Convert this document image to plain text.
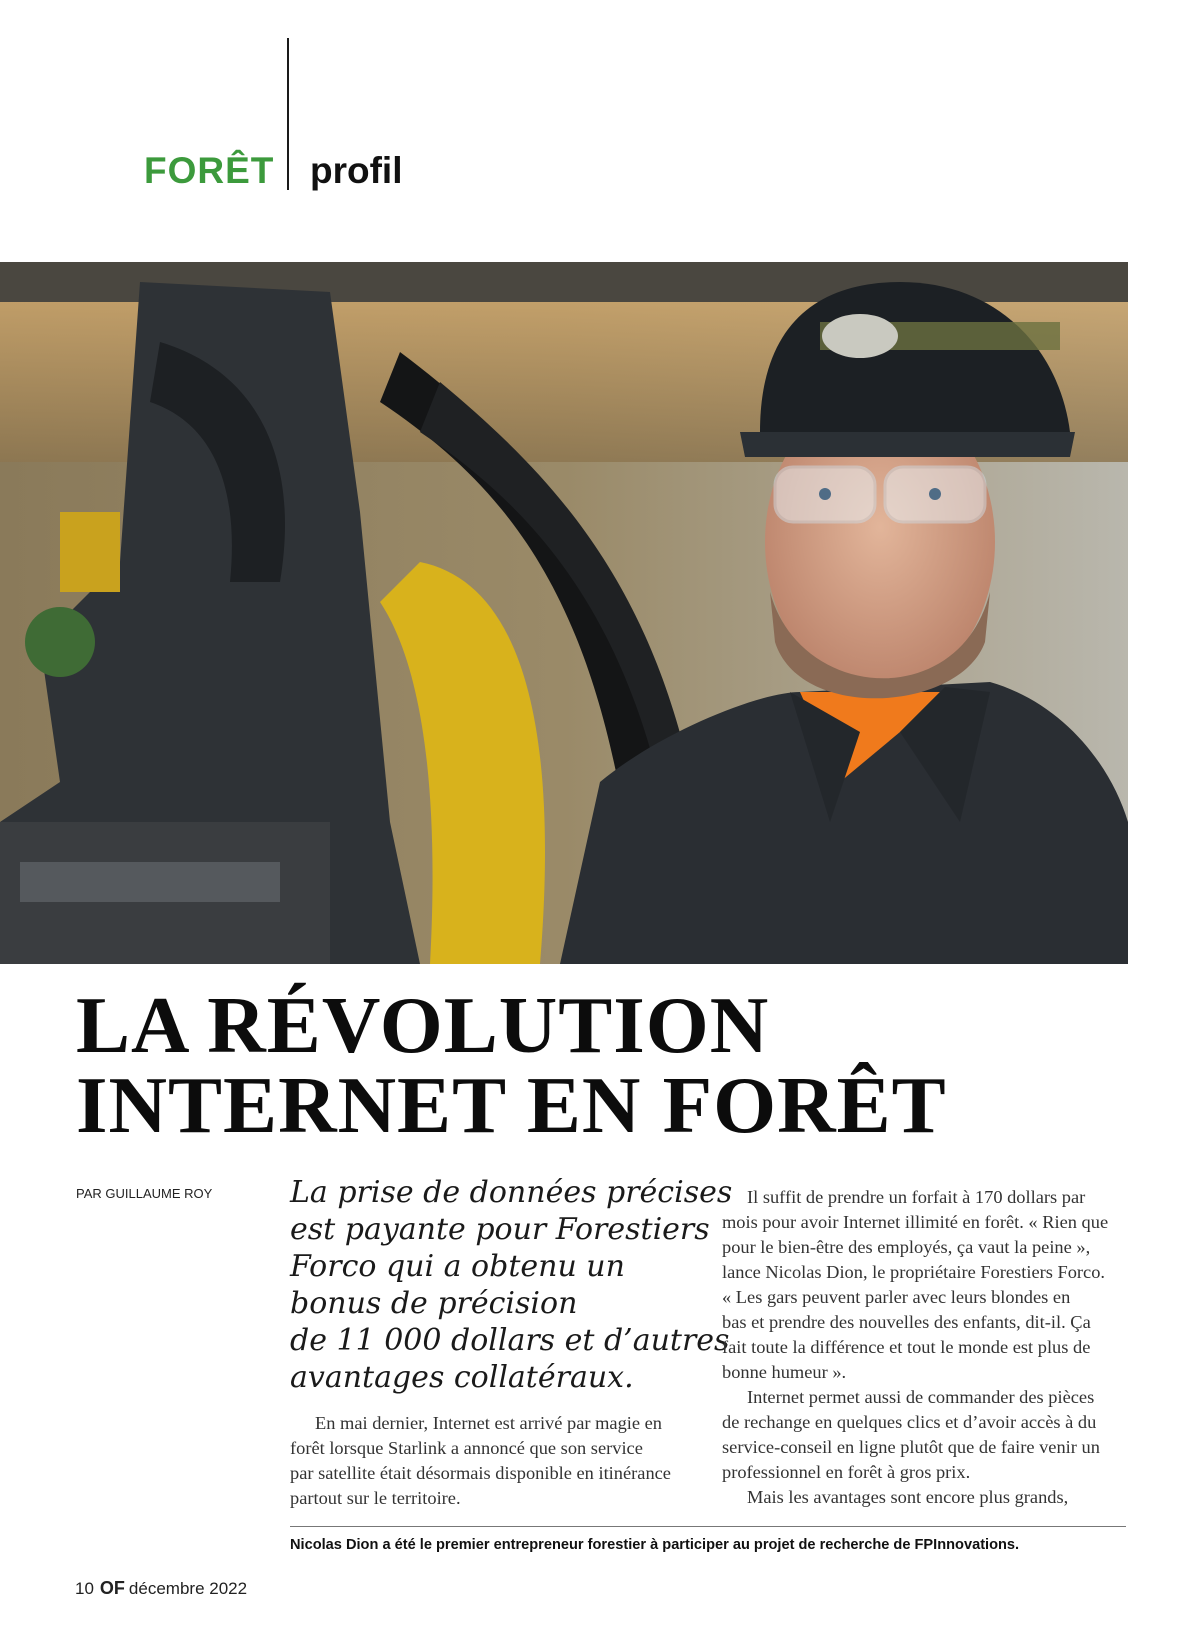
FORÊT profil
LA RÉVOLUTION
INTERNET EN FORÊT
PAR GUILLAUME ROY	La prise de données précises
est payante pour Forestiers
Forco qui a obtenu un
bonus de précision
de 11 000 dollars et d’autres
avantages collatéraux.

En mai dernier, Internet est arrivé par magie en
forêt lorsque Starlink a annoncé que son service
par satellite était désormais disponible en itinérance
partout sur le territoire.
Il suffit de prendre un forfait à 170 dollars par
mois pour avoir Internet illimité en forêt. « Rien que
pour le bien-être des employés, ça vaut la peine »,
lance Nicolas Dion, le propriétaire Forestiers Forco.
« Les gars peuvent parler avec leurs blondes en
bas et prendre des nouvelles des enfants, dit-il. Ça
fait toute la différence et tout le monde est plus de
bonne humeur ».
Internet permet aussi de commander des pièces
de rechange en quelques clics et d’avoir accès à du
service-conseil en ligne plutôt que de faire venir un
professionnel en forêt à gros prix.
Mais les avantages sont encore plus grands,
Nicolas Dion a été le premier entrepreneur forestier à participer au projet de recherche de FPInnovations.
10 OF décembre 2022
